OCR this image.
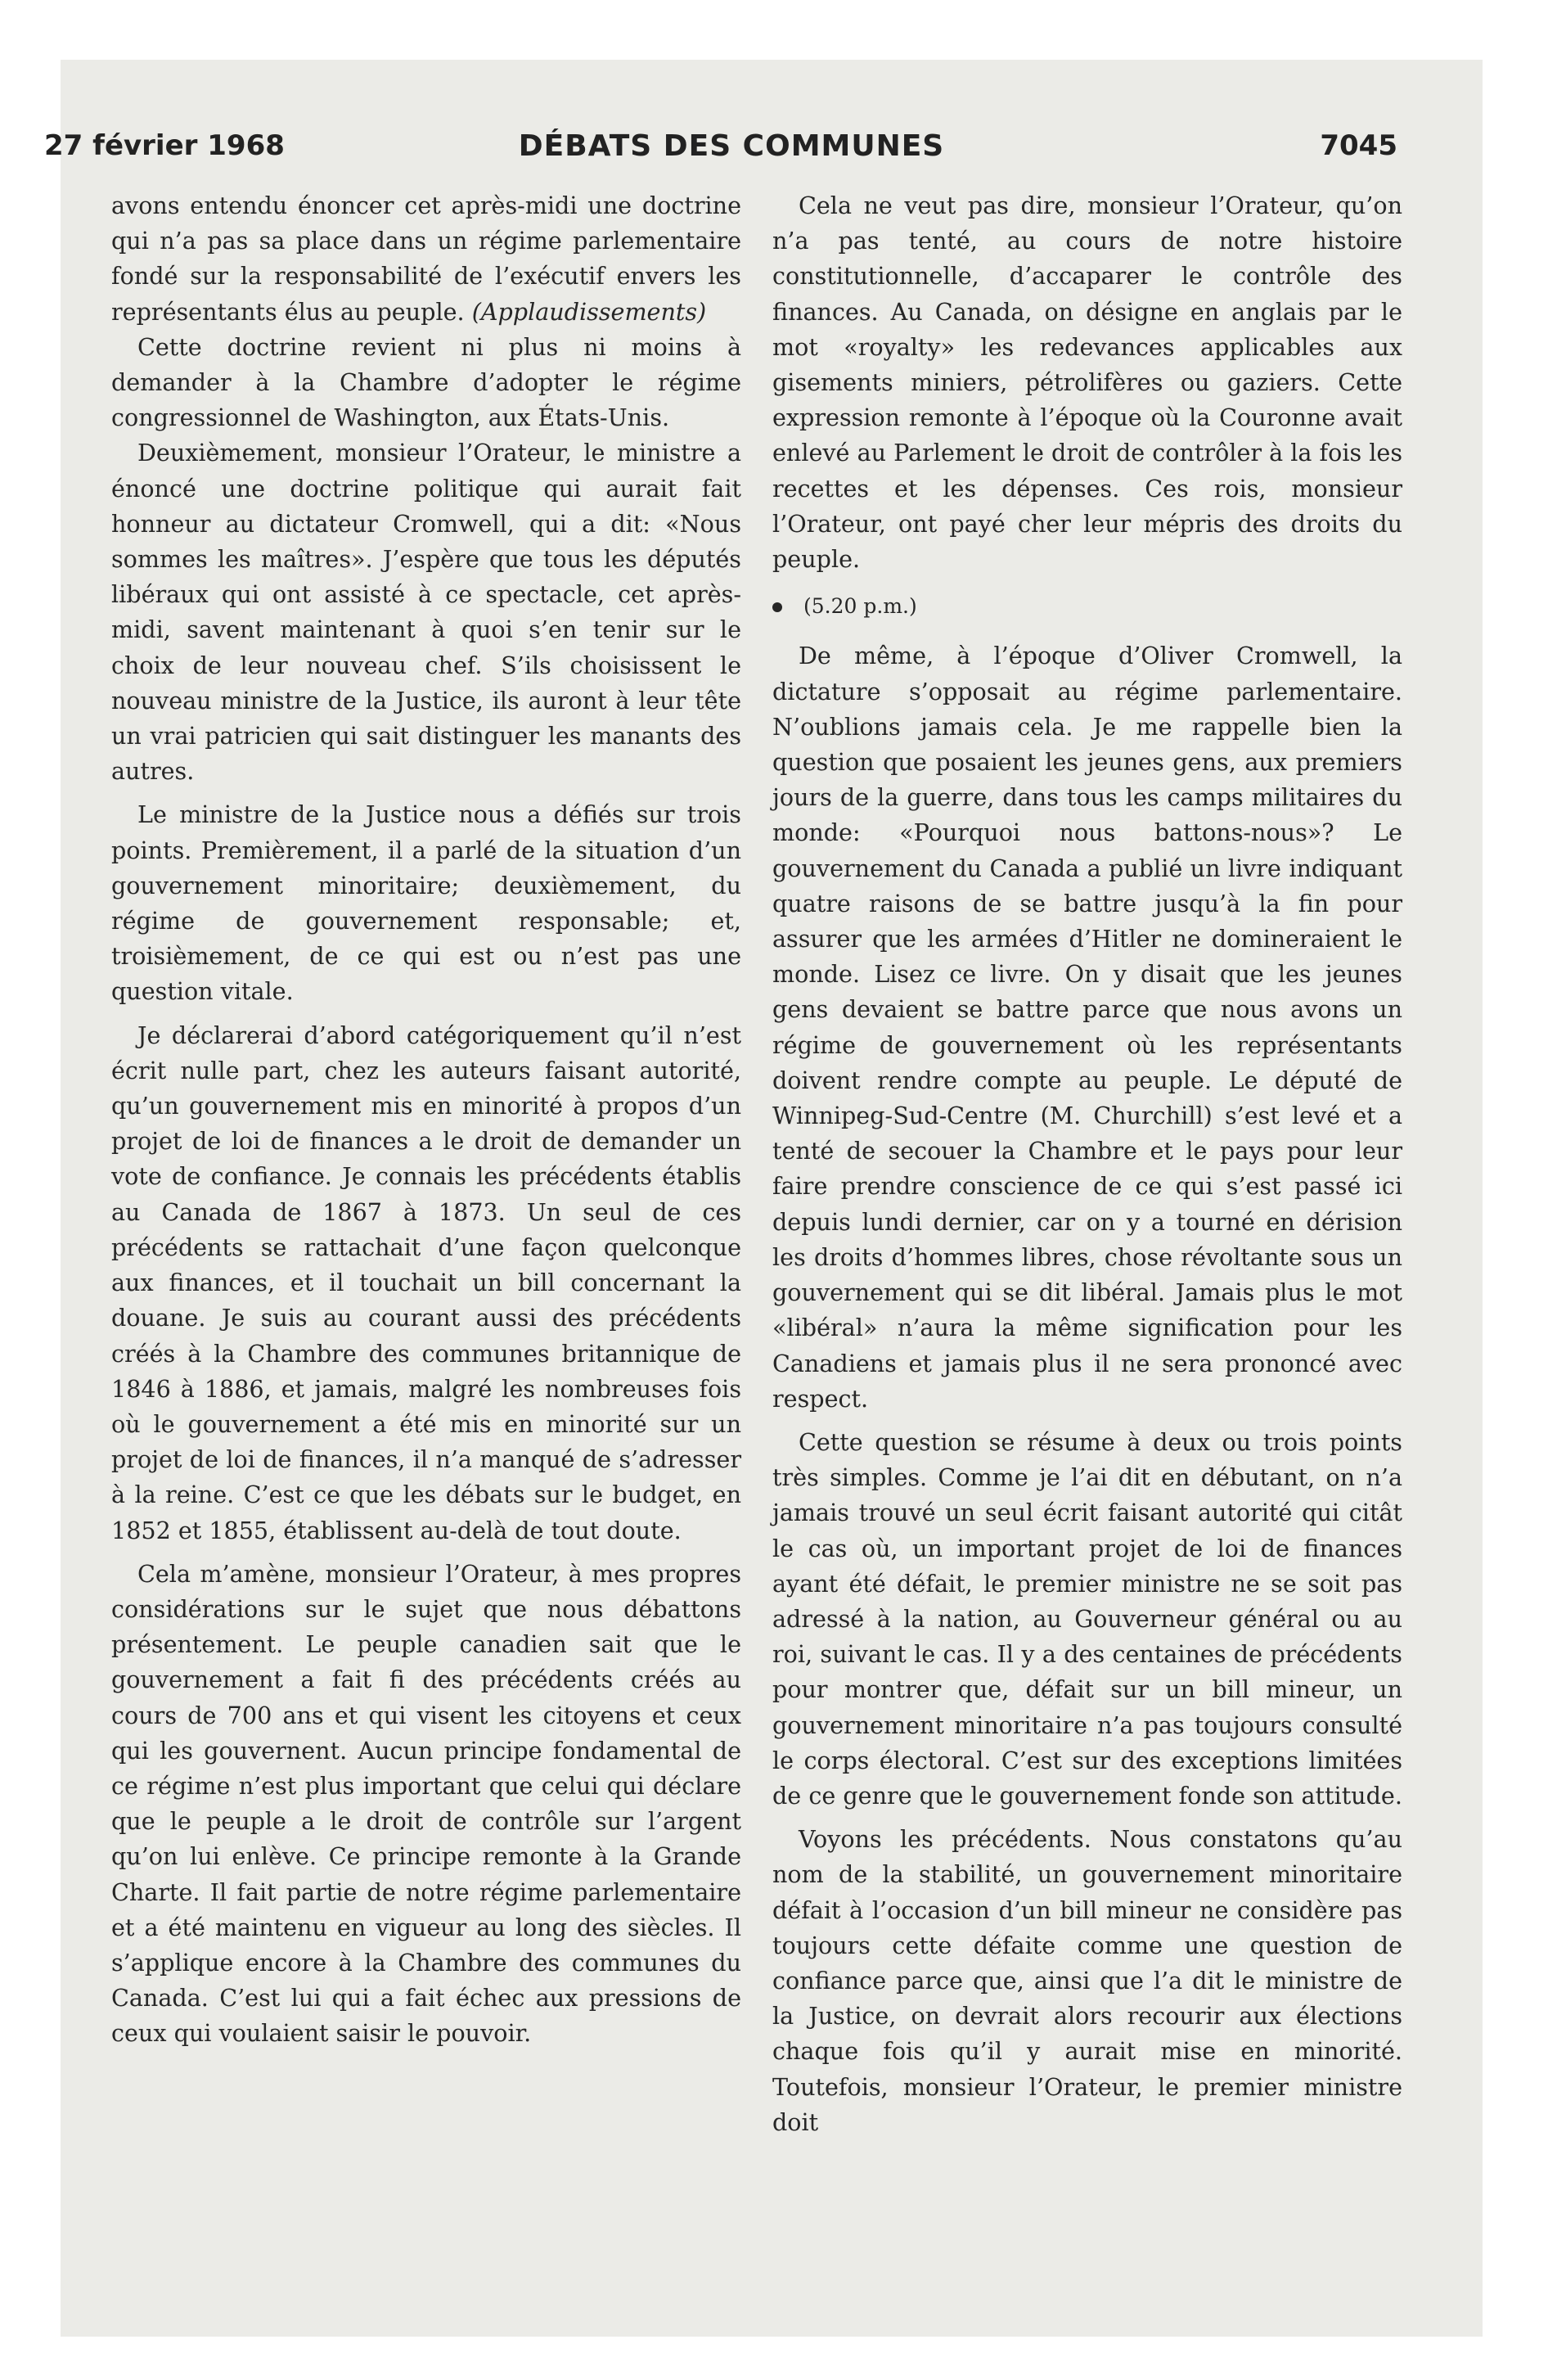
27 février 1968	DÉBATS DES COMMUNES	7045

avons entendu énoncer cet après-midi une doctrine qui n’a pas sa place dans un régime parlementaire fondé sur la responsabilité de l’exécutif envers les représentants élus au peuple. (Applaudissements)

Cette doctrine revient ni plus ni moins à demander à la Chambre d’adopter le régime congressionnel de Washington, aux États-Unis.

Deuxièmement, monsieur l’Orateur, le ministre a énoncé une doctrine politique qui aurait fait honneur au dictateur Cromwell, qui a dit: «Nous sommes les maîtres». J’espère que tous les députés libéraux qui ont assisté à ce spectacle, cet après-midi, savent maintenant à quoi s’en tenir sur le choix de leur nouveau chef. S’ils choisissent le nouveau ministre de la Justice, ils auront à leur tête un vrai patricien qui sait distinguer les manants des autres.

Le ministre de la Justice nous a défiés sur trois points. Premièrement, il a parlé de la situation d’un gouvernement minoritaire; deuxièmement, du régime de gouvernement responsable; et, troisièmement, de ce qui est ou n’est pas une question vitale.

Je déclarerai d’abord catégoriquement qu’il n’est écrit nulle part, chez les auteurs faisant autorité, qu’un gouvernement mis en minorité à propos d’un projet de loi de finances a le droit de demander un vote de confiance. Je connais les précédents établis au Canada de 1867 à 1873. Un seul de ces précédents se rattachait d’une façon quelconque aux finances, et il touchait un bill concernant la douane. Je suis au courant aussi des précédents créés à la Chambre des communes britannique de 1846 à 1886, et jamais, malgré les nombreuses fois où le gouvernement a été mis en minorité sur un projet de loi de finances, il n’a manqué de s’adresser à la reine. C’est ce que les débats sur le budget, en 1852 et 1855, établissent au-delà de tout doute.

Cela m’amène, monsieur l’Orateur, à mes propres considérations sur le sujet que nous débattons présentement. Le peuple canadien sait que le gouvernement a fait fi des précédents créés au cours de 700 ans et qui visent les citoyens et ceux qui les gouvernent. Aucun principe fondamental de ce régime n’est plus important que celui qui déclare que le peuple a le droit de contrôle sur l’argent qu’on lui enlève. Ce principe remonte à la Grande Charte. Il fait partie de notre régime parlementaire et a été maintenu en vigueur au long des siècles. Il s’applique encore à la Chambre des communes du Canada. C’est lui qui a fait échec aux pressions de ceux qui voulaient saisir le pouvoir.

Cela ne veut pas dire, monsieur l’Orateur, qu’on n’a pas tenté, au cours de notre histoire constitutionnelle, d’accaparer le contrôle des finances. Au Canada, on désigne en anglais par le mot «royalty» les redevances applicables aux gisements miniers, pétrolifères ou gaziers. Cette expression remonte à l’époque où la Couronne avait enlevé au Parlement le droit de contrôler à la fois les recettes et les dépenses. Ces rois, monsieur l’Orateur, ont payé cher leur mépris des droits du peuple.

(5.20 p.m.)

De même, à l’époque d’Oliver Cromwell, la dictature s’opposait au régime parlementaire. N’oublions jamais cela. Je me rappelle bien la question que posaient les jeunes gens, aux premiers jours de la guerre, dans tous les camps militaires du monde: «Pourquoi nous battons-nous»? Le gouvernement du Canada a publié un livre indiquant quatre raisons de se battre jusqu’à la fin pour assurer que les armées d’Hitler ne domineraient le monde. Lisez ce livre. On y disait que les jeunes gens devaient se battre parce que nous avons un régime de gouvernement où les représentants doivent rendre compte au peuple. Le député de Winnipeg-Sud-Centre (M. Churchill) s’est levé et a tenté de secouer la Chambre et le pays pour leur faire prendre conscience de ce qui s’est passé ici depuis lundi dernier, car on y a tourné en dérision les droits d’hommes libres, chose révoltante sous un gouvernement qui se dit libéral. Jamais plus le mot «libéral» n’aura la même signification pour les Canadiens et jamais plus il ne sera prononcé avec respect.

Cette question se résume à deux ou trois points très simples. Comme je l’ai dit en débutant, on n’a jamais trouvé un seul écrit faisant autorité qui citât le cas où, un important projet de loi de finances ayant été défait, le premier ministre ne se soit pas adressé à la nation, au Gouverneur général ou au roi, suivant le cas. Il y a des centaines de précédents pour montrer que, défait sur un bill mineur, un gouvernement minoritaire n’a pas toujours consulté le corps électoral. C’est sur des exceptions limitées de ce genre que le gouvernement fonde son attitude.

Voyons les précédents. Nous constatons qu’au nom de la stabilité, un gouvernement minoritaire défait à l’occasion d’un bill mineur ne considère pas toujours cette défaite comme une question de confiance parce que, ainsi que l’a dit le ministre de la Justice, on devrait alors recourir aux élections chaque fois qu’il y aurait mise en minorité. Toutefois, monsieur l’Orateur, le premier ministre doit
